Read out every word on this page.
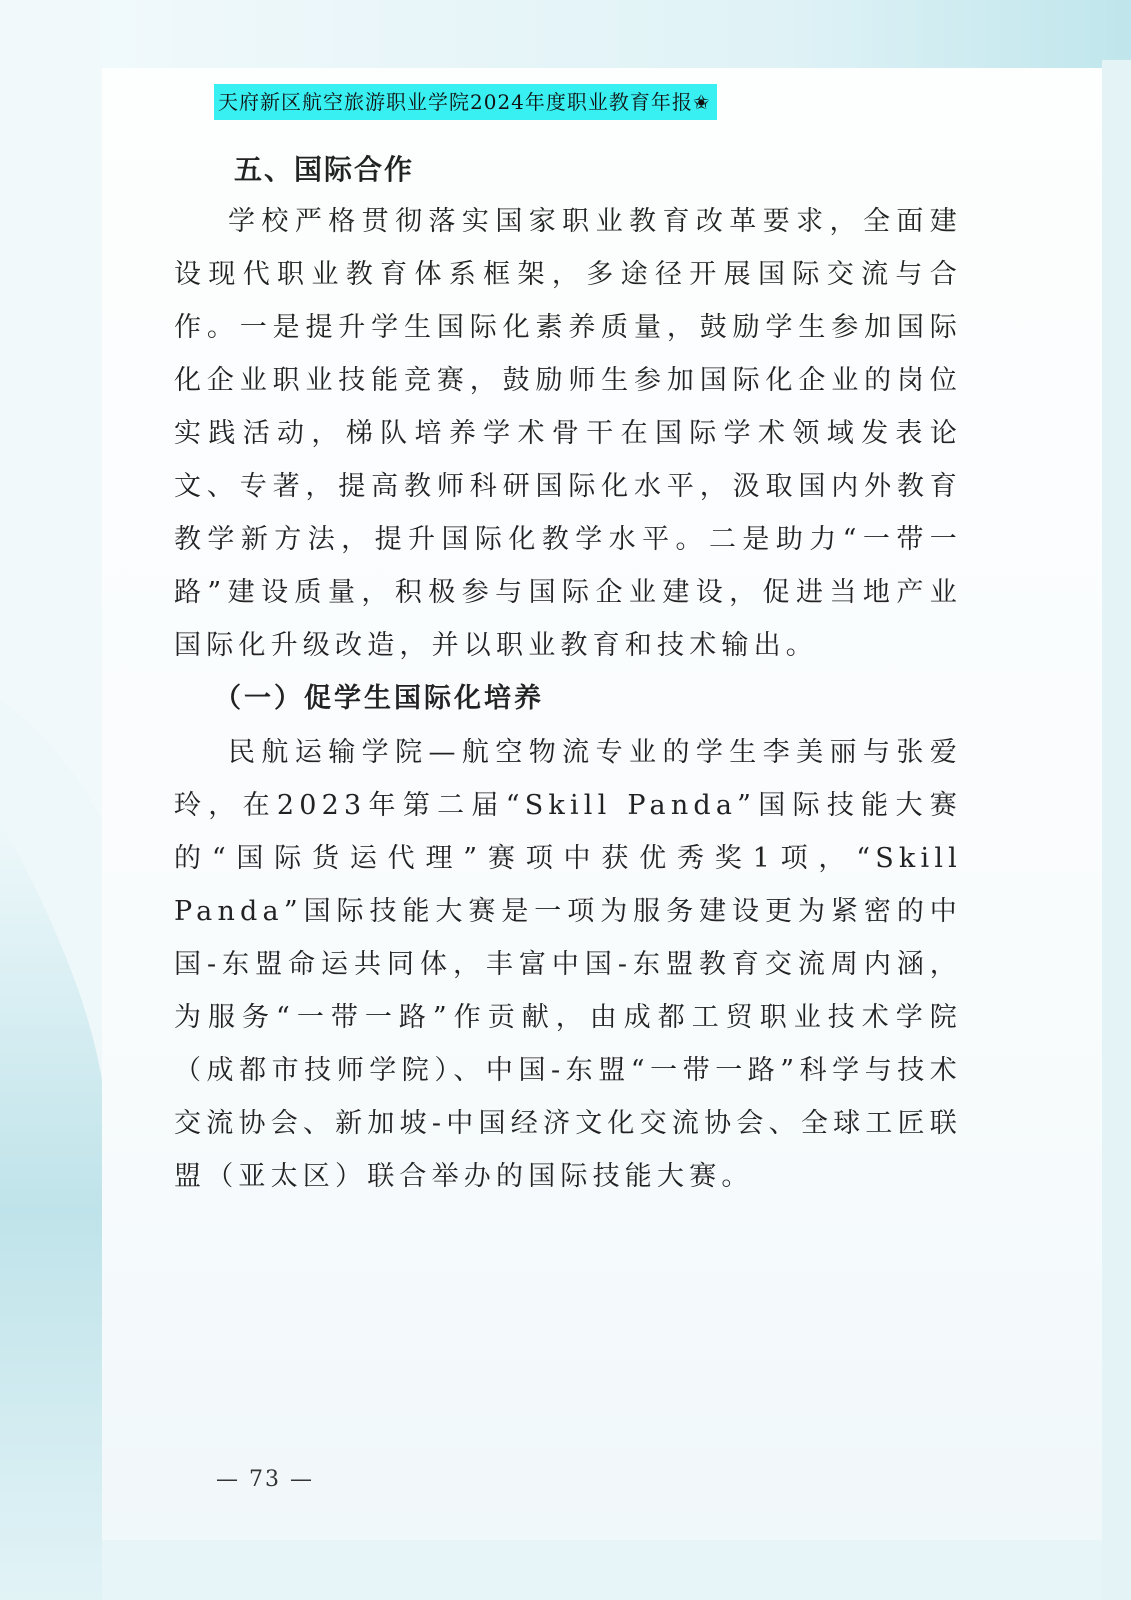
天府新区航空旅游职业学院2024年度职业教育年报✬
五、国际合作

学校严格贯彻落实国家职业教育改革要求，全面建设现代职业教育体系框架，多途径开展国际交流与合作。一是提升学生国际化素养质量，鼓励学生参加国际化企业职业技能竞赛，鼓励师生参加国际化企业的岗位实践活动，梯队培养学术骨干在国际学术领域发表论文、专著，提高教师科研国际化水平，汲取国内外教育教学新方法，提升国际化教学水平。二是助力“一带一路”建设质量，积极参与国际企业建设，促进当地产业国际化升级改造，并以职业教育和技术输出。

（一）促学生国际化培养

民航运输学院—航空物流专业的学生李美丽与张爱玲，在2023年第二届“Skill Panda”国际技能大赛的“国际货运代理”赛项中获优秀奖1项，“Skill Panda”国际技能大赛是一项为服务建设更为紧密的中国-东盟命运共同体，丰富中国-东盟教育交流周内涵，为服务“一带一路”作贡献，由成都工贸职业技术学院（成都市技师学院）、中国-东盟“一带一路”科学与技术交流协会、新加坡-中国经济文化交流协会、全球工匠联盟（亚太区）联合举办的国际技能大赛。

— 73 —
